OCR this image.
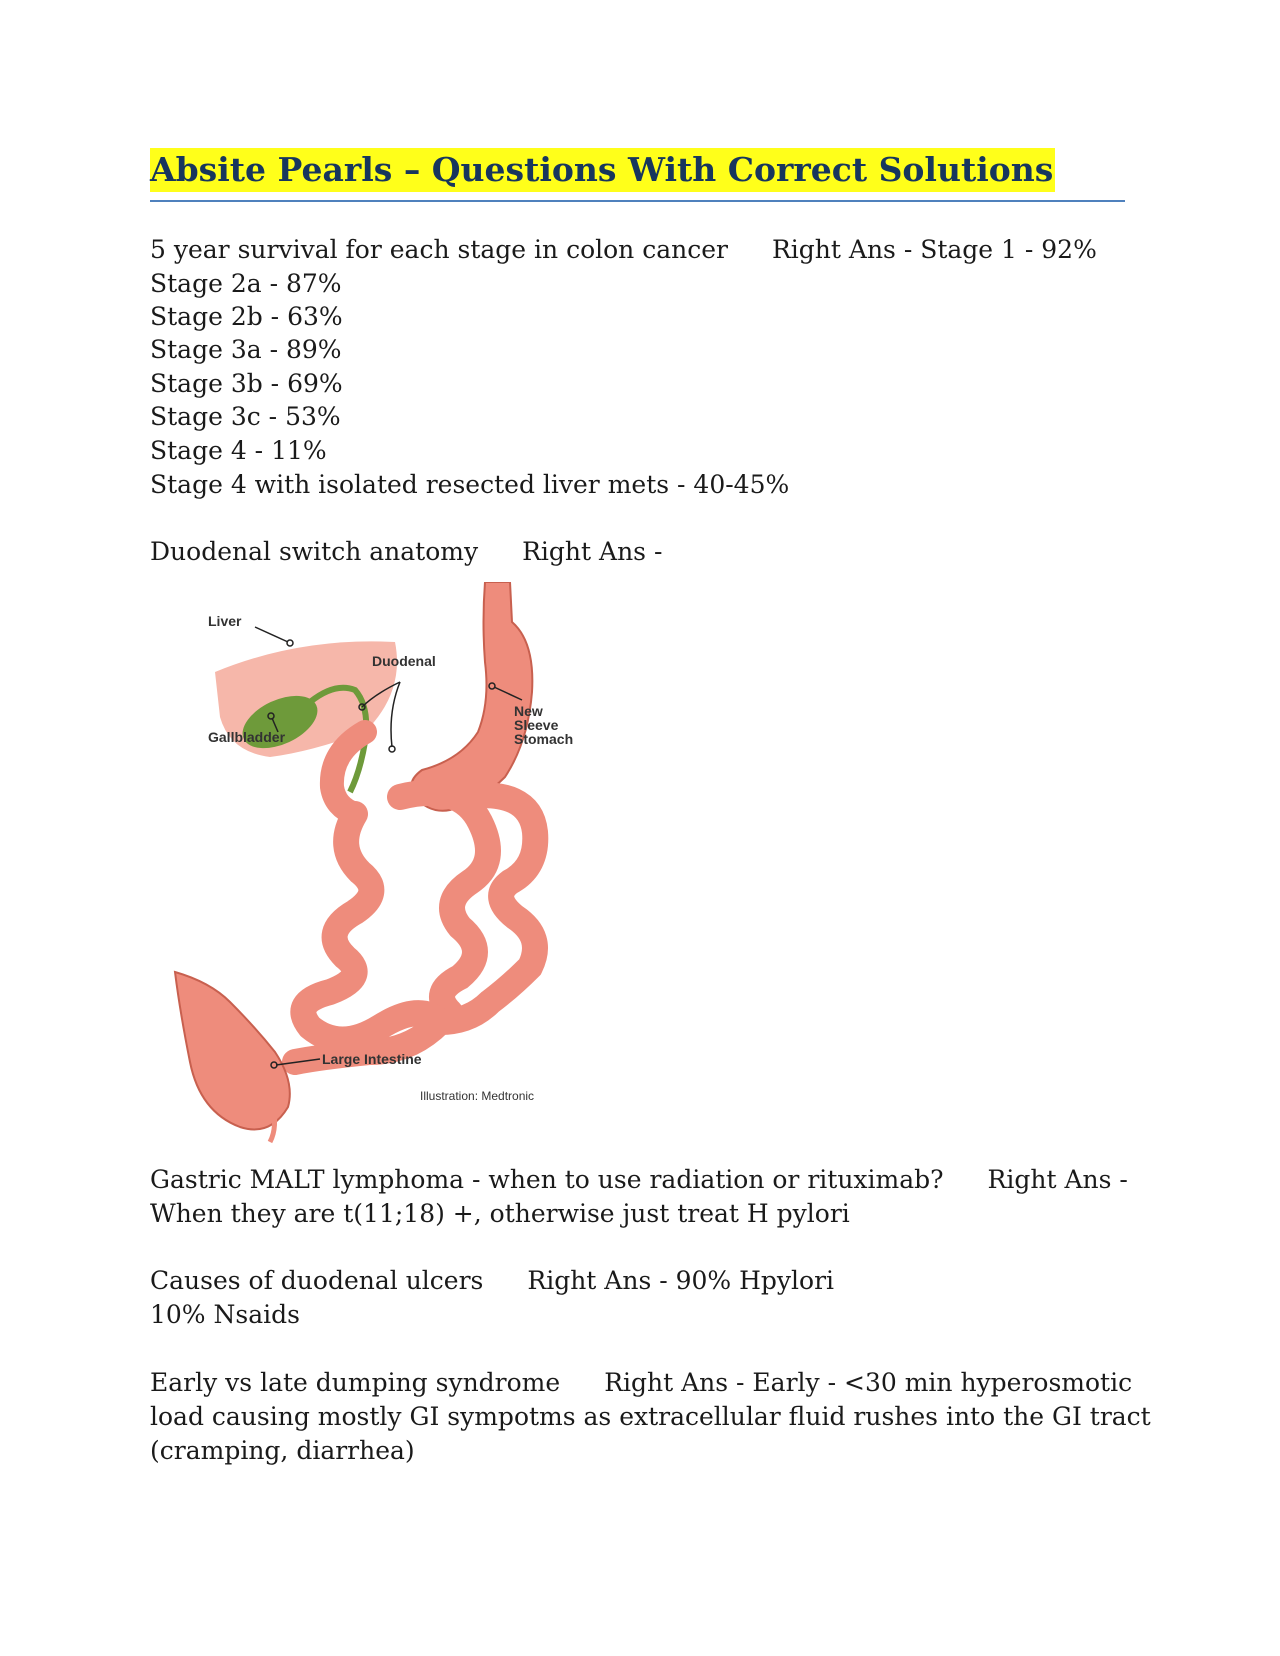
Absite Pearls – Questions With Correct Solutions
5 year survival for each stage in colon cancer Right Ans - Stage 1 - 92%
Stage 2a - 87%
Stage 2b - 63%
Stage 3a - 89%
Stage 3b - 69%
Stage 3c - 53%
Stage 4 - 11%
Stage 4 with isolated resected liver mets - 40-45%
Duodenal switch anatomy Right Ans -
Liver
Gallbladder
Duodenal
New
Sleeve
Stomach
Large Intestine
Illustration: Medtronic
Gastric MALT lymphoma - when to use radiation or rituximab? Right Ans -
When they are t(11;18) +, otherwise just treat H pylori
Causes of duodenal ulcers Right Ans - 90% Hpylori
10% Nsaids
Early vs late dumping syndrome Right Ans - Early - <30 min hyperosmotic
load causing mostly GI sympotms as extracellular fluid rushes into the GI tract
(cramping, diarrhea)
